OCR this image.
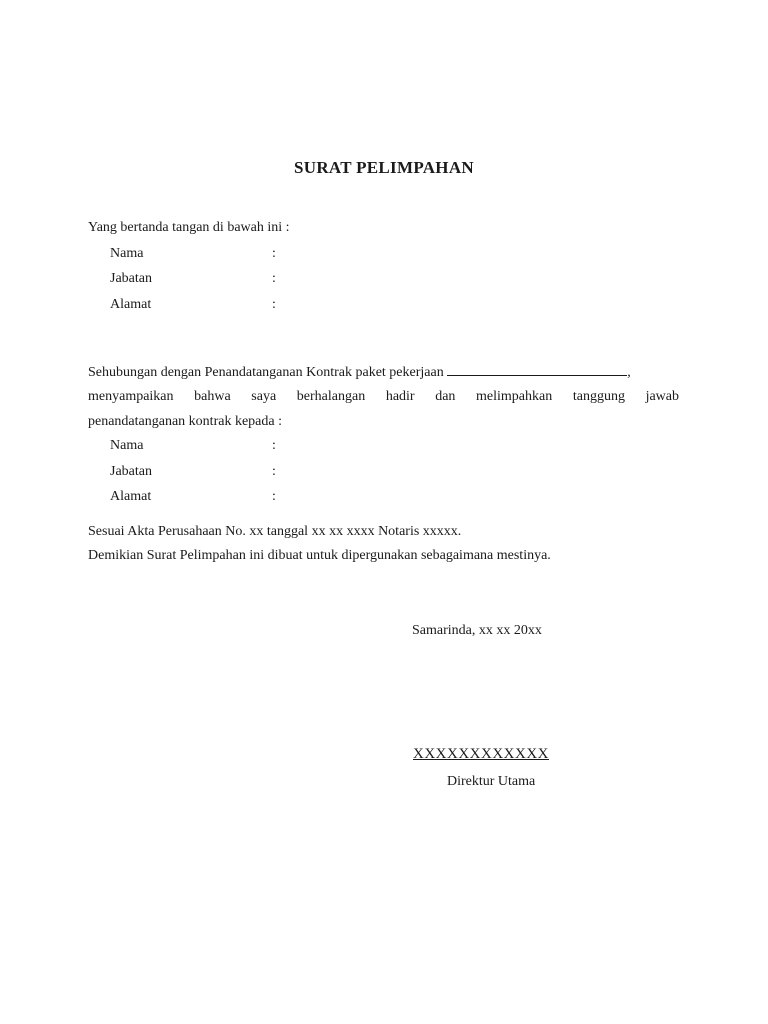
SURAT PELIMPAHAN
Yang bertanda tangan di bawah ini :
Nama	:
Jabatan	:
Alamat	:
Sehubungan dengan Penandatanganan Kontrak paket pekerjaan	,
menyampaikan bahwa saya berhalangan hadir dan melimpahkan tanggung jawab
penandatanganan kontrak kepada :
Nama	:
Jabatan	:
Alamat	:
Sesuai Akta Perusahaan No. xx tanggal xx xx xxxx Notaris xxxxx.
Demikian Surat Pelimpahan ini dibuat untuk dipergunakan sebagaimana mestinya.
Samarinda, xx xx 20xx
XXXXXXXXXXXX
Direktur Utama
